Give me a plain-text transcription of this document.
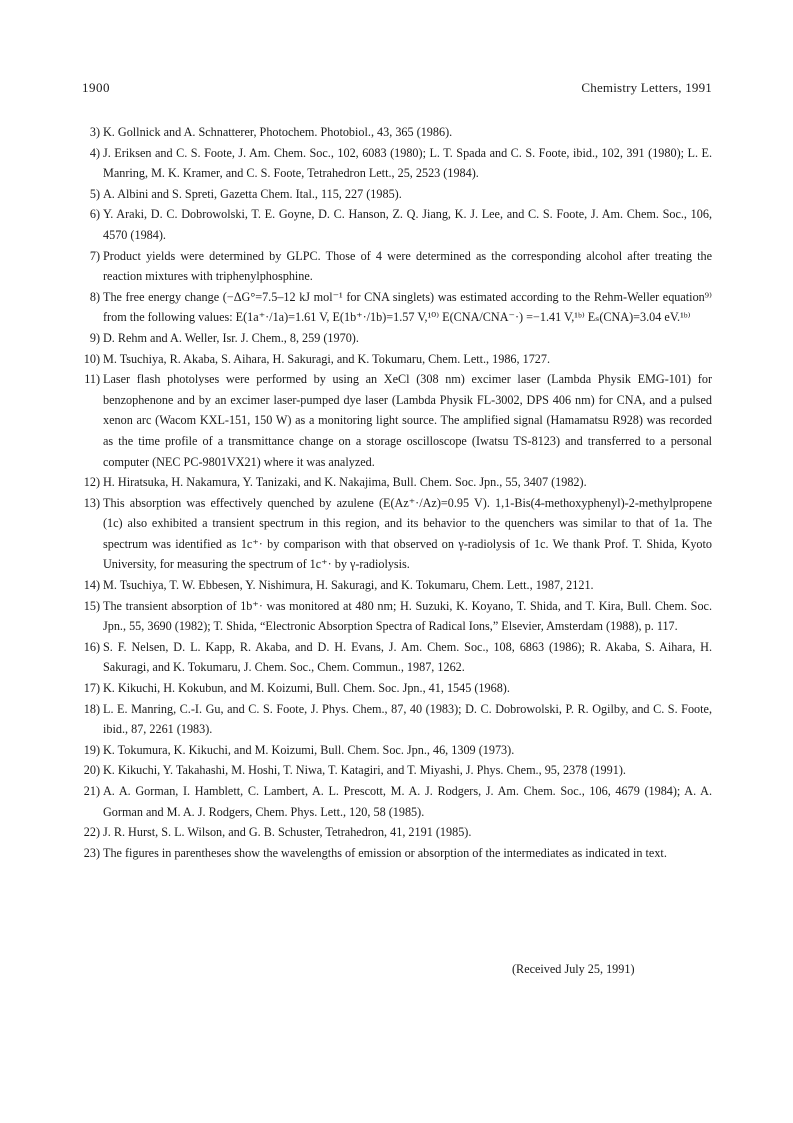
1900	Chemistry Letters, 1991
3) K. Gollnick and A. Schnatterer, Photochem. Photobiol., 43, 365 (1986).
4) J. Eriksen and C. S. Foote, J. Am. Chem. Soc., 102, 6083 (1980); L. T. Spada and C. S. Foote, ibid., 102, 391 (1980); L. E. Manring, M. K. Kramer, and C. S. Foote, Tetrahedron Lett., 25, 2523 (1984).
5) A. Albini and S. Spreti, Gazetta Chem. Ital., 115, 227 (1985).
6) Y. Araki, D. C. Dobrowolski, T. E. Goyne, D. C. Hanson, Z. Q. Jiang, K. J. Lee, and C. S. Foote, J. Am. Chem. Soc., 106, 4570 (1984).
7) Product yields were determined by GLPC. Those of 4 were determined as the corresponding alcohol after treating the reaction mixtures with triphenylphosphine.
8) The free energy change (−ΔG°=7.5–12 kJ mol⁻¹ for CNA singlets) was estimated according to the Rehm-Weller equation⁹⁾ from the following values: E(1a⁺·/1a)=1.61 V, E(1b⁺·/1b)=1.57 V,¹⁰⁾ E(CNA/CNA⁻·) =−1.41 V,¹ᵇ⁾ Eₛ(CNA)=3.04 eV.¹ᵇ⁾
9) D. Rehm and A. Weller, Isr. J. Chem., 8, 259 (1970).
10) M. Tsuchiya, R. Akaba, S. Aihara, H. Sakuragi, and K. Tokumaru, Chem. Lett., 1986, 1727.
11) Laser flash photolyses were performed by using an XeCl (308 nm) excimer laser (Lambda Physik EMG-101) for benzophenone and by an excimer laser-pumped dye laser (Lambda Physik FL-3002, DPS 406 nm) for CNA, and a pulsed xenon arc (Wacom KXL-151, 150 W) as a monitoring light source. The amplified signal (Hamamatsu R928) was recorded as the time profile of a transmittance change on a storage oscilloscope (Iwatsu TS-8123) and transferred to a personal computer (NEC PC-9801VX21) where it was analyzed.
12) H. Hiratsuka, H. Nakamura, Y. Tanizaki, and K. Nakajima, Bull. Chem. Soc. Jpn., 55, 3407 (1982).
13) This absorption was effectively quenched by azulene (E(Az⁺·/Az)=0.95 V). 1,1-Bis(4-methoxyphenyl)-2-methylpropene (1c) also exhibited a transient spectrum in this region, and its behavior to the quenchers was similar to that of 1a. The spectrum was identified as 1c⁺· by comparison with that observed on γ-radiolysis of 1c. We thank Prof. T. Shida, Kyoto University, for measuring the spectrum of 1c⁺· by γ-radiolysis.
14) M. Tsuchiya, T. W. Ebbesen, Y. Nishimura, H. Sakuragi, and K. Tokumaru, Chem. Lett., 1987, 2121.
15) The transient absorption of 1b⁺· was monitored at 480 nm; H. Suzuki, K. Koyano, T. Shida, and T. Kira, Bull. Chem. Soc. Jpn., 55, 3690 (1982); T. Shida, “Electronic Absorption Spectra of Radical Ions,” Elsevier, Amsterdam (1988), p. 117.
16) S. F. Nelsen, D. L. Kapp, R. Akaba, and D. H. Evans, J. Am. Chem. Soc., 108, 6863 (1986); R. Akaba, S. Aihara, H. Sakuragi, and K. Tokumaru, J. Chem. Soc., Chem. Commun., 1987, 1262.
17) K. Kikuchi, H. Kokubun, and M. Koizumi, Bull. Chem. Soc. Jpn., 41, 1545 (1968).
18) L. E. Manring, C.-I. Gu, and C. S. Foote, J. Phys. Chem., 87, 40 (1983); D. C. Dobrowolski, P. R. Ogilby, and C. S. Foote, ibid., 87, 2261 (1983).
19) K. Tokumura, K. Kikuchi, and M. Koizumi, Bull. Chem. Soc. Jpn., 46, 1309 (1973).
20) K. Kikuchi, Y. Takahashi, M. Hoshi, T. Niwa, T. Katagiri, and T. Miyashi, J. Phys. Chem., 95, 2378 (1991).
21) A. A. Gorman, I. Hamblett, C. Lambert, A. L. Prescott, M. A. J. Rodgers, J. Am. Chem. Soc., 106, 4679 (1984); A. A. Gorman and M. A. J. Rodgers, Chem. Phys. Lett., 120, 58 (1985).
22) J. R. Hurst, S. L. Wilson, and G. B. Schuster, Tetrahedron, 41, 2191 (1985).
23) The figures in parentheses show the wavelengths of emission or absorption of the intermediates as indicated in text.
(Received July 25, 1991)
